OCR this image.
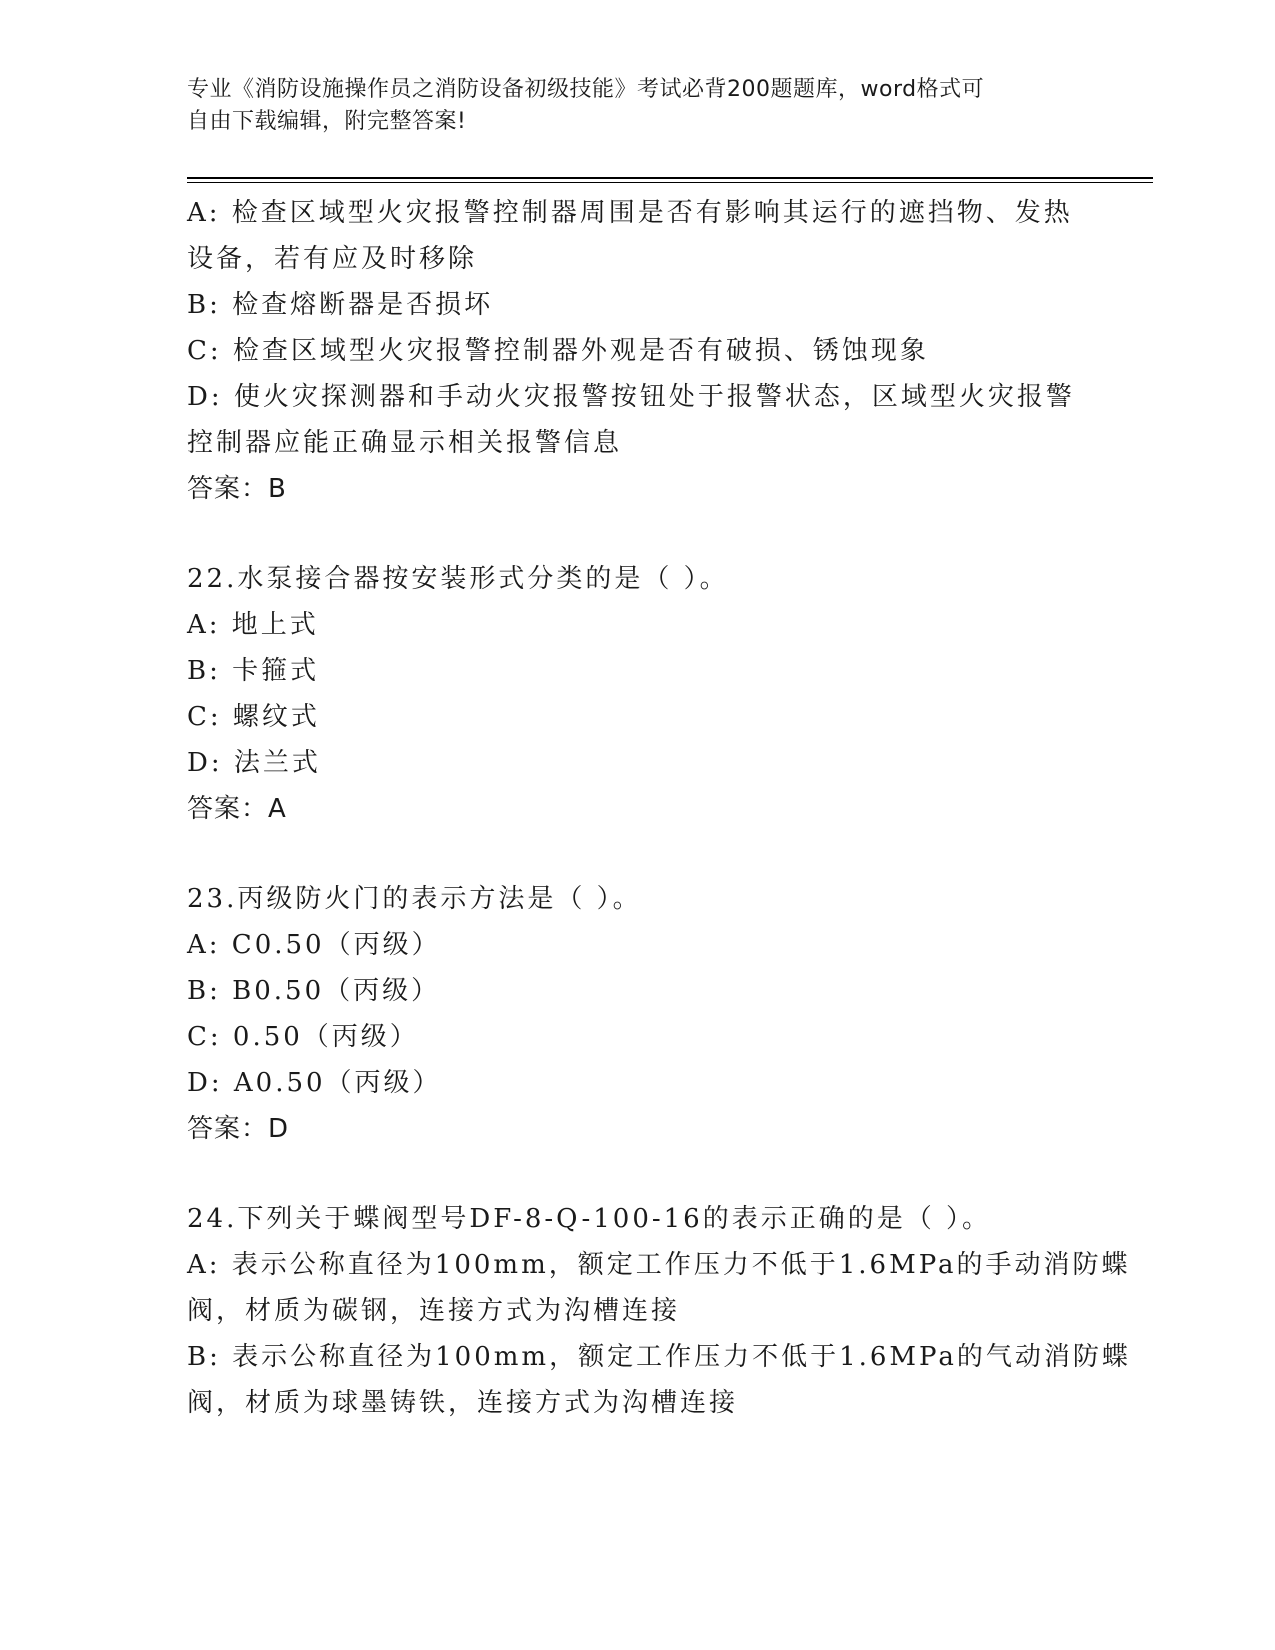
专业《消防设施操作员之消防设备初级技能》考试必背200题题库，word格式可
自由下载编辑，附完整答案!
A: 检查区域型火灾报警控制器周围是否有影响其运行的遮挡物、发热
设备，若有应及时移除
B: 检查熔断器是否损坏
C: 检查区域型火灾报警控制器外观是否有破损、锈蚀现象
D: 使火灾探测器和手动火灾报警按钮处于报警状态，区域型火灾报警
控制器应能正确显示相关报警信息
答案：B
22.水泵接合器按安装形式分类的是（ ）。
A: 地上式
B: 卡箍式
C: 螺纹式
D: 法兰式
答案：A
23.丙级防火门的表示方法是（ ）。
A: C0.50（丙级）
B: B0.50（丙级）
C: 0.50（丙级）
D: A0.50（丙级）
答案：D
24.下列关于蝶阀型号DF-8-Q-100-16的表示正确的是（ ）。
A: 表示公称直径为100mm，额定工作压力不低于1.6MPa的手动消防蝶
阀，材质为碳钢，连接方式为沟槽连接
B: 表示公称直径为100mm，额定工作压力不低于1.6MPa的气动消防蝶
阀，材质为球墨铸铁，连接方式为沟槽连接
